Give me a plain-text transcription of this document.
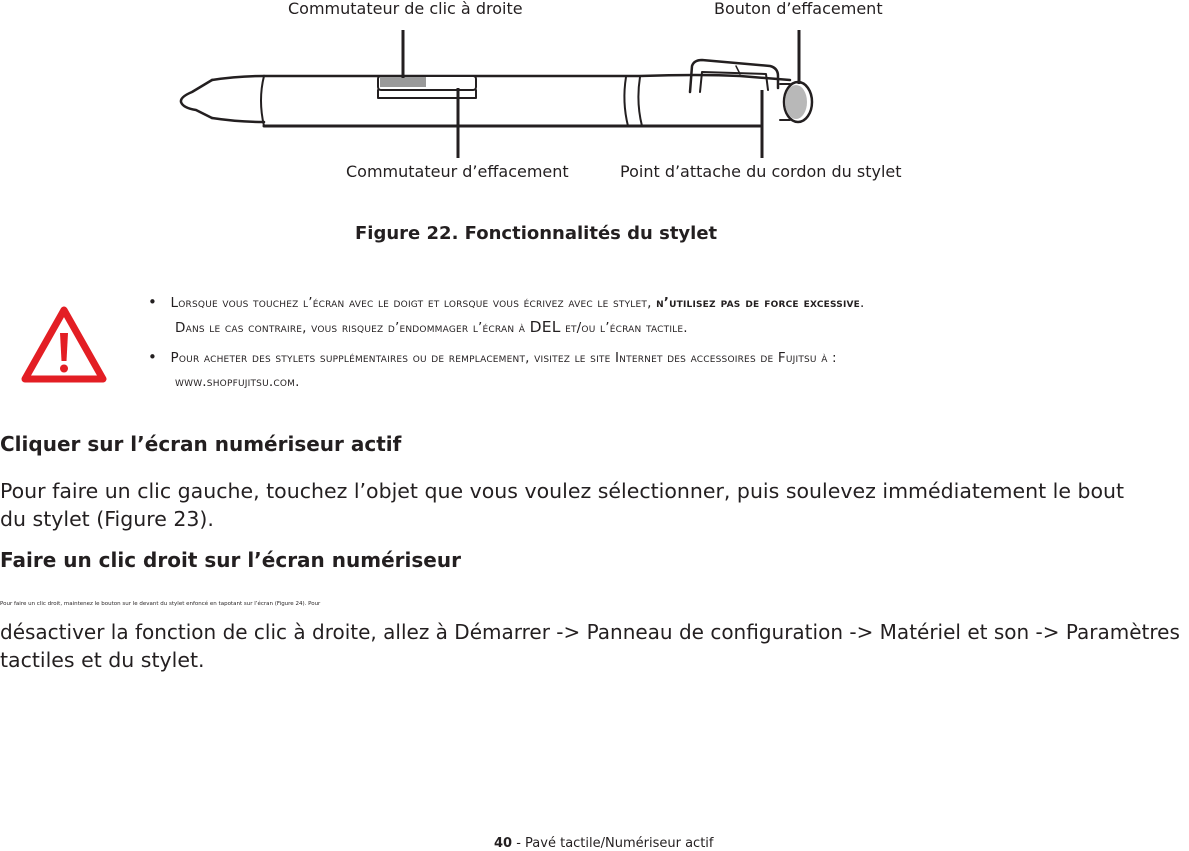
Commutateur de clic à droite	Bouton d’effacement
Commutateur d’effacement	Point d’attache du cordon du stylet
Figure 22. Fonctionnalités du stylet
• Lorsque vous touchez l’écran avec le doigt et lorsque vous écrivez avec le stylet, n’utilisez pas de force excessive.
Dans le cas contraire, vous risquez d’endommager l’écran à DEL et/ou l’écran tactile.
• Pour acheter des stylets supplémentaires ou de remplacement, visitez le site Internet des accessoires de Fujitsu à :
www.shopfujitsu.com.
Cliquer sur l’écran numériseur actif

Pour faire un clic gauche, touchez l’objet que vous voulez sélectionner, puis soulevez immédiatement le bout
du stylet (Figure 23).

Faire un clic droit sur l’écran numériseur

Pour faire un clic droit, maintenez le bouton sur le devant du stylet enfoncé en tapotant sur l’écran (Figure 24). Pour
désactiver la fonction de clic à droite, allez à Démarrer -> Panneau de configuration -> Matériel et son -> Paramètres
tactiles et du stylet.

40 - Pavé tactile/Numériseur actif
